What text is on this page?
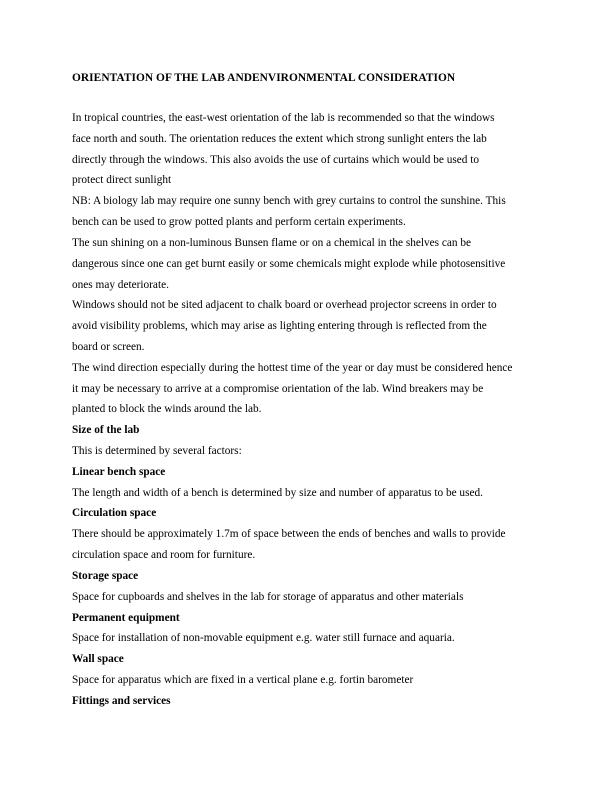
ORIENTATION OF THE LAB ANDENVIRONMENTAL CONSIDERATION

In tropical countries, the east-west orientation of the lab is recommended so that the windows
face north and south. The orientation reduces the extent which strong sunlight enters the lab
directly through the windows. This also avoids the use of curtains which would be used to
protect direct sunlight

NB: A biology lab may require one sunny bench with grey curtains to control the sunshine. This
bench can be used to grow potted plants and perform certain experiments.

The sun shining on a non-luminous Bunsen flame or on a chemical in the shelves can be
dangerous since one can get burnt easily or some chemicals might explode while photosensitive
ones may deteriorate.

Windows should not be sited adjacent to chalk board or overhead projector screens in order to
avoid visibility problems, which may arise as lighting entering through is reflected from the
board or screen.

The wind direction especially during the hottest time of the year or day must be considered hence
it may be necessary to arrive at a compromise orientation of the lab. Wind breakers may be
planted to block the winds around the lab.

Size of the lab

This is determined by several factors:

Linear bench space

The length and width of a bench is determined by size and number of apparatus to be used.

Circulation space

There should be approximately 1.7m of space between the ends of benches and walls to provide
circulation space and room for furniture.

Storage space

Space for cupboards and shelves in the lab for storage of apparatus and other materials

Permanent equipment

Space for installation of non-movable equipment e.g. water still furnace and aquaria.

Wall space

Space for apparatus which are fixed in a vertical plane e.g. fortin barometer

Fittings and services
